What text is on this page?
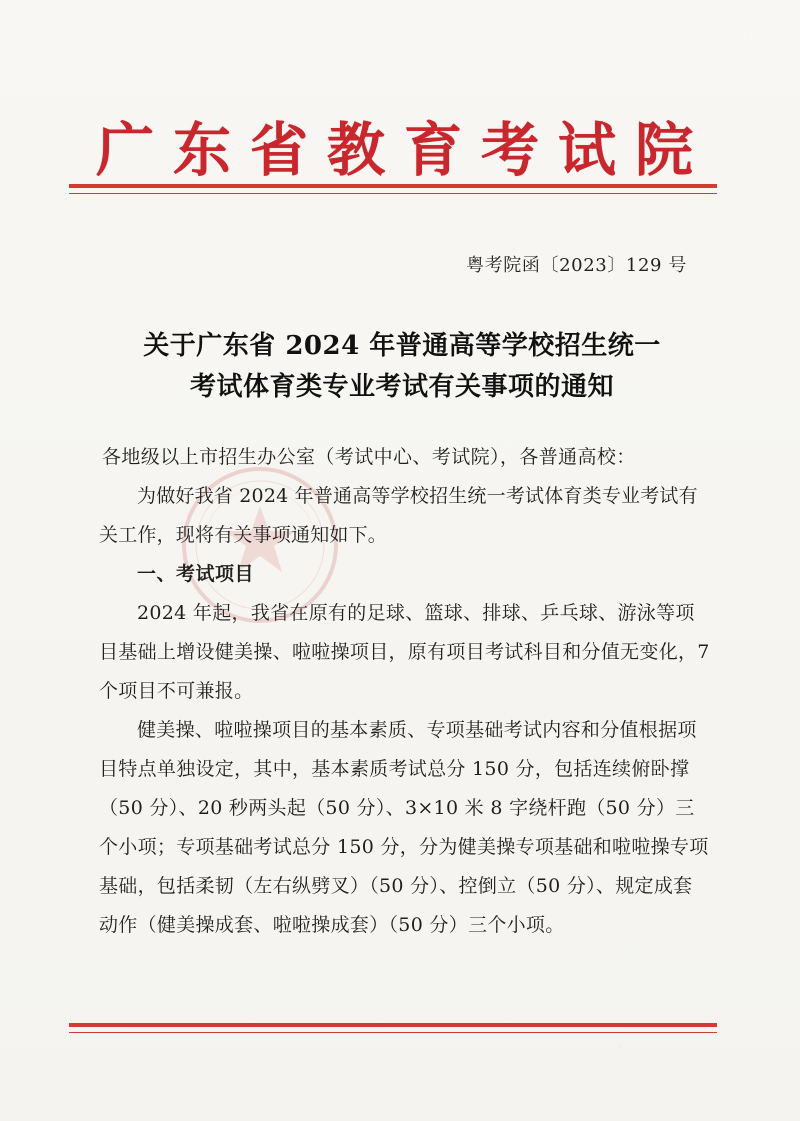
广东省教育考试院
粤考院函〔2023〕129 号
关于广东省 2024 年普通高等学校招生统一
考试体育类专业考试有关事项的通知

各地级以上市招生办公室（考试中心、考试院），各普通高校：

为做好我省 2024 年普通高等学校招生统一考试体育类专业考试有关工作，现将有关事项通知如下。

一、考试项目

2024 年起，我省在原有的足球、篮球、排球、乒乓球、游泳等项目基础上增设健美操、啦啦操项目，原有项目考试科目和分值无变化，7 个项目不可兼报。

健美操、啦啦操项目的基本素质、专项基础考试内容和分值根据项目特点单独设定，其中，基本素质考试总分 150 分，包括连续俯卧撑（50 分）、20 秒两头起（50 分）、3×10 米 8 字绕杆跑（50 分）三个小项；专项基础考试总分 150 分，分为健美操专项基础和啦啦操专项基础，包括柔韧（左右纵劈叉）（50 分）、控倒立（50 分）、规定成套动作（健美操成套、啦啦操成套）（50 分）三个小项。
